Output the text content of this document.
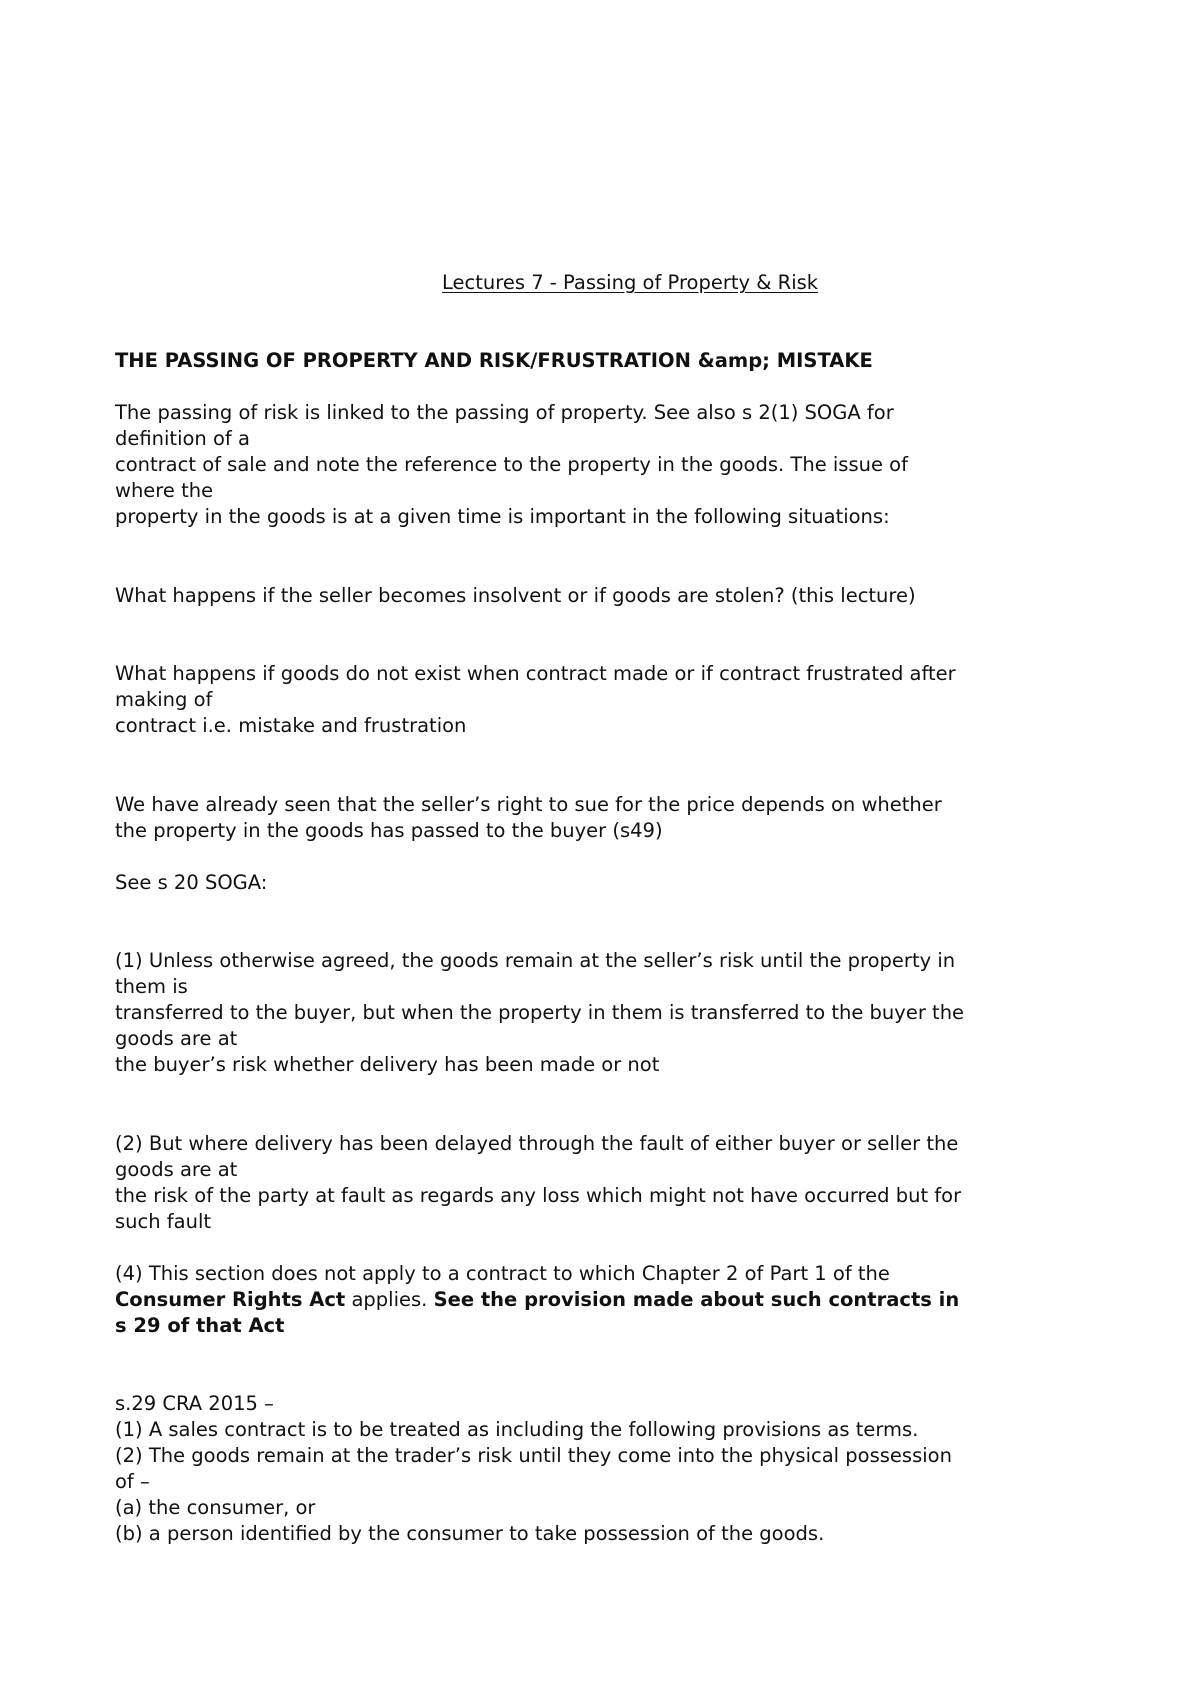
Lectures 7 - Passing of Property & Risk

THE PASSING OF PROPERTY AND RISK/FRUSTRATION &amp; MISTAKE

The passing of risk is linked to the passing of property. See also s 2(1) SOGA for

definition of a

contract of sale and note the reference to the property in the goods. The issue of

where the

property in the goods is at a given time is important in the following situations:

What happens if the seller becomes insolvent or if goods are stolen? (this lecture)

What happens if goods do not exist when contract made or if contract frustrated after

making of

contract i.e. mistake and frustration

We have already seen that the seller’s right to sue for the price depends on whether

the property in the goods has passed to the buyer (s49)

See s 20 SOGA:

(1) Unless otherwise agreed, the goods remain at the seller’s risk until the property in

them is

transferred to the buyer, but when the property in them is transferred to the buyer the

goods are at

the buyer’s risk whether delivery has been made or not

(2) But where delivery has been delayed through the fault of either buyer or seller the

goods are at

the risk of the party at fault as regards any loss which might not have occurred but for

such fault

(4) This section does not apply to a contract to which Chapter 2 of Part 1 of the

Consumer Rights Act applies. See the provision made about such contracts in

s 29 of that Act

s.29 CRA 2015 –

(1) A sales contract is to be treated as including the following provisions as terms.

(2) The goods remain at the trader’s risk until they come into the physical possession

of –

(a) the consumer, or

(b) a person identified by the consumer to take possession of the goods.
